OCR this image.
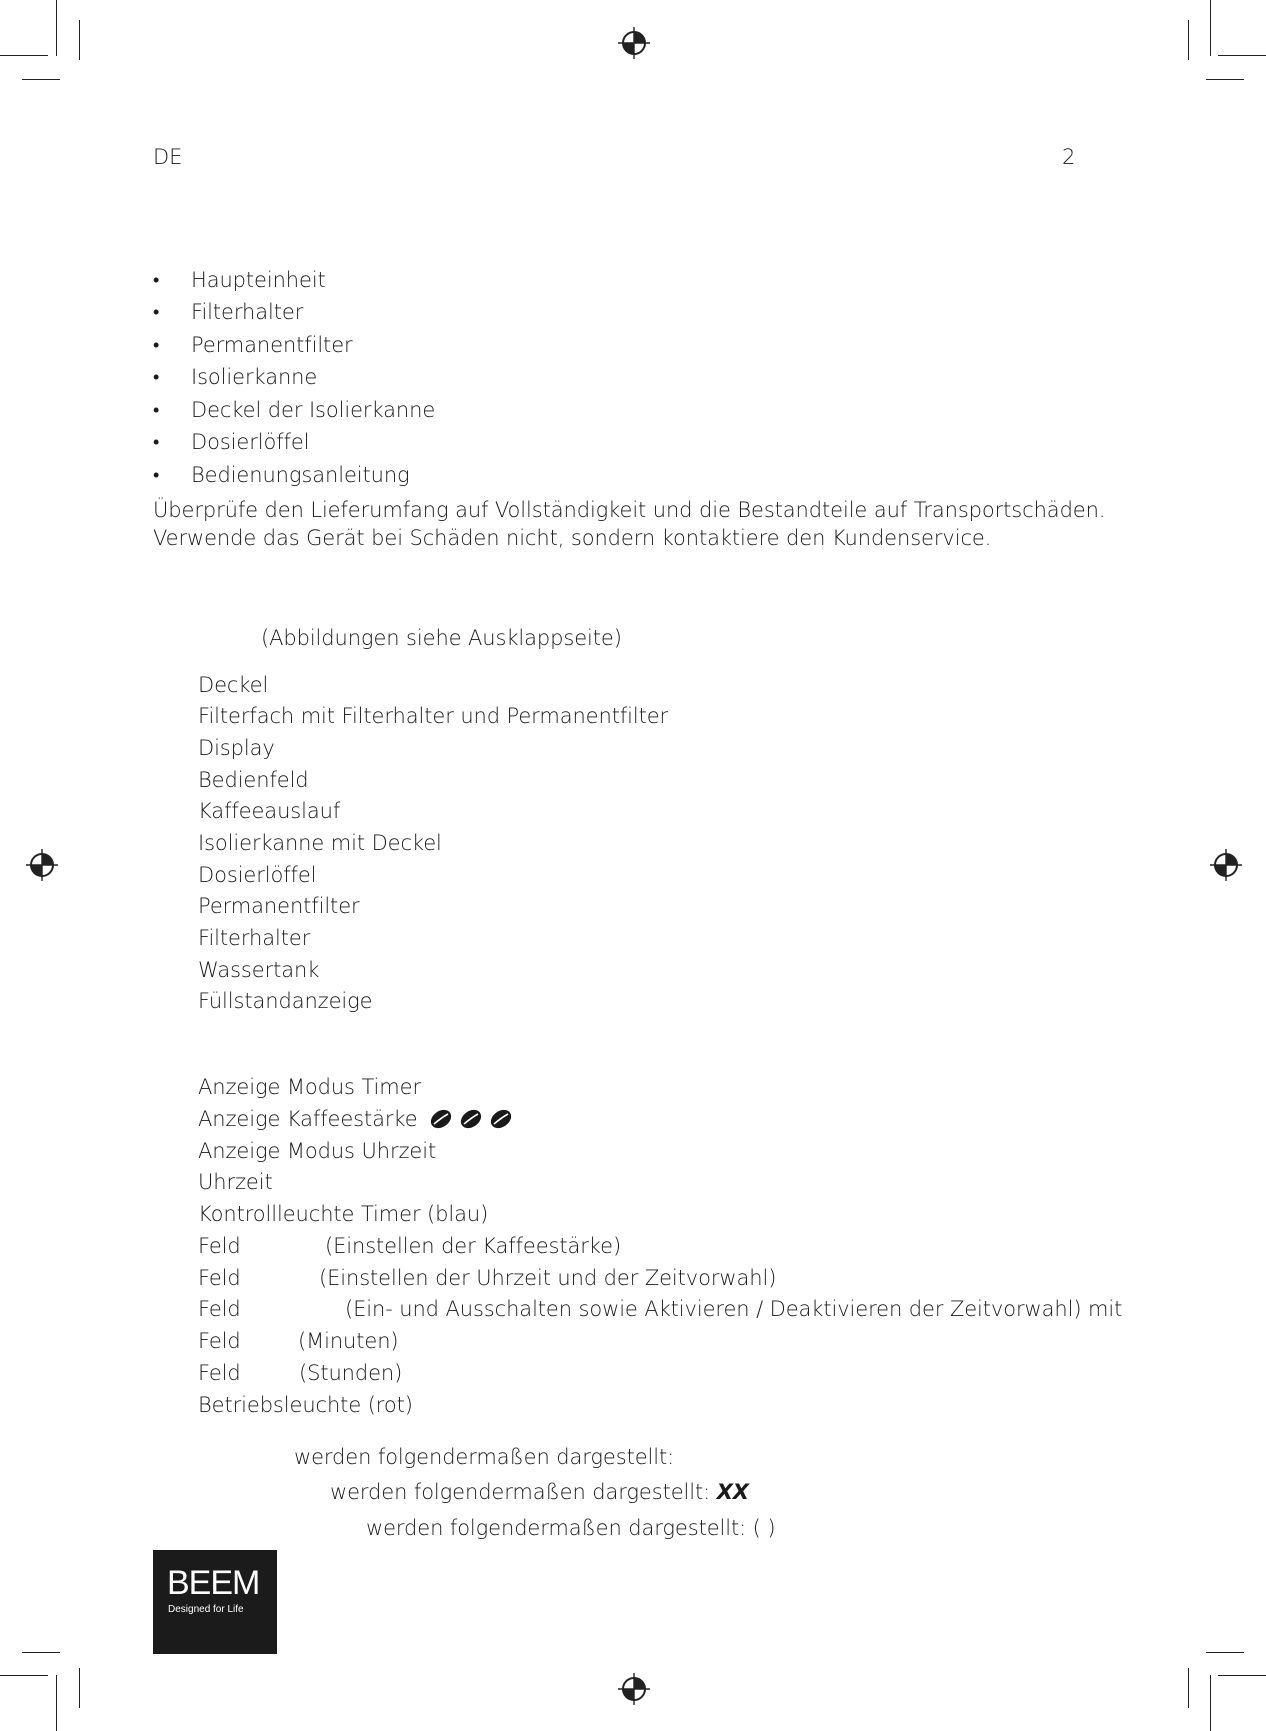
DE	2
• Haupteinheit
• Filterhalter
• Permanentfilter
• Isolierkanne
• Deckel der Isolierkanne
• Dosierlöffel
• Bedienungsanleitung
Überprüfe den Lieferumfang auf Vollständigkeit und die Bestandteile auf Transportschäden.
Verwende das Gerät bei Schäden nicht, sondern kontaktiere den Kundenservice.
(Abbildungen siehe Ausklappseite)
Deckel
Filterfach mit Filterhalter und Permanentfilter
Display
Bedienfeld
Kaffeeauslauf
Isolierkanne mit Deckel
Dosierlöffel
Permanentfilter
Filterhalter
Wassertank
Füllstandanzeige
Anzeige Modus Timer
Anzeige Kaffeestärke
Anzeige Modus Uhrzeit
Uhrzeit
Kontrollleuchte Timer (blau)
Feld	(Einstellen der Kaffeestärke)
Feld	(Einstellen der Uhrzeit und der Zeitvorwahl)
Feld	(Ein- und Ausschalten sowie Aktivieren / Deaktivieren der Zeitvorwahl) mit
Feld	(Minuten)
Feld	(Stunden)
Betriebsleuchte (rot)
werden folgendermaßen dargestellt:
werden folgendermaßen dargestellt: XX
werden folgendermaßen dargestellt: ( )
BEEM
Designed for Life
